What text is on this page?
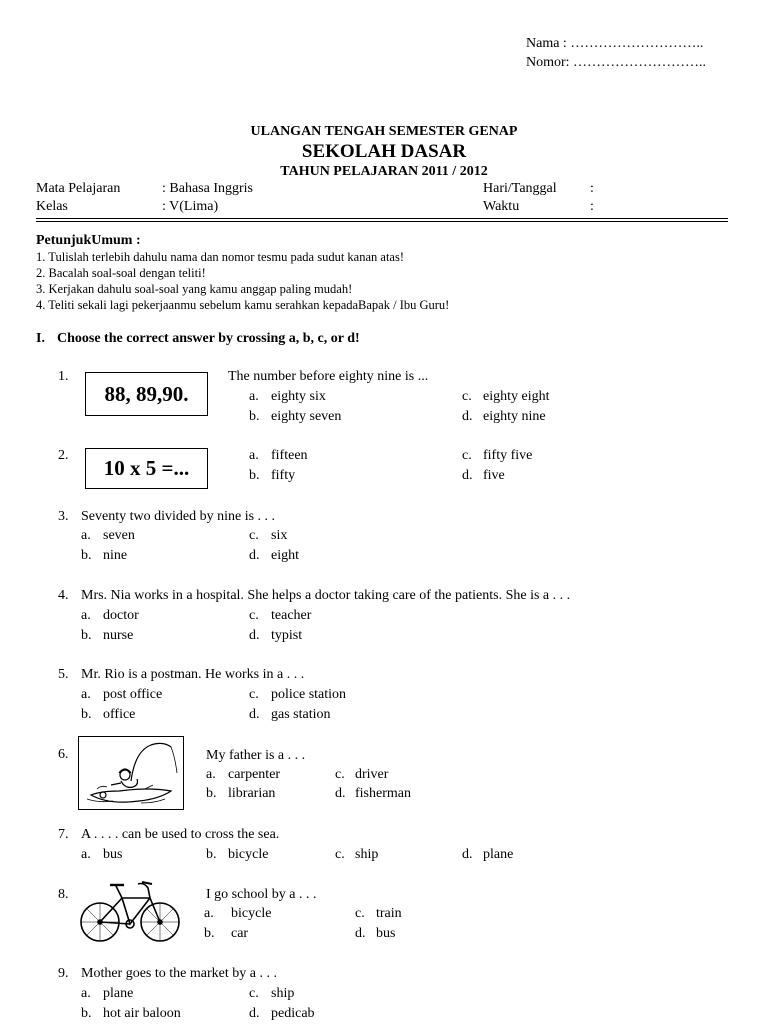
Nama : ………………………..
Nomor: ………………………..
ULANGAN TENGAH SEMESTER GENAP
SEKOLAH DASAR
TAHUN PELAJARAN 2011 / 2012
Mata Pelajaran	: Bahasa Inggris	Hari/Tanggal :
Kelas	: V(Lima)	Waktu	:
PetunjukUmum :
1. Tulislah terlebih dahulu nama dan nomor tesmu pada sudut kanan atas!
2. Bacalah soal-soal dengan teliti!
3. Kerjakan dahulu soal-soal yang kamu anggap paling mudah!
4. Teliti sekali lagi pekerjaanmu sebelum kamu serahkan kepadaBapak / Ibu Guru!
I. Choose the correct answer by crossing a, b, c, or d!
1.
88, 89,90.
The number before eighty nine is ...
a. eighty six
b. eighty seven
c. eighty eight
d. eighty nine
2.
10 x 5 =...
a. fifteen
b. fifty
c. fifty five
d. five
3. Seventy two divided by nine is . . .
a. seven
b. nine
c. six
d. eight
4. Mrs. Nia works in a hospital. She helps a doctor taking care of the patients. She is a . . .
a. doctor
b. nurse
c. teacher
d. typist
5. Mr. Rio is a postman. He works in a . . .
a. post office
b. office
c. police station
d. gas station
6.	My father is a . . .
a. carpenter
b. librarian
c. driver
d. fisherman
7. A . . . . can be used to cross the sea.
a. bus	b. bicycle	c. ship	d. plane
8.	I go school by a . . .
a. bicycle
b. car
c. train
d. bus
9. Mother goes to the market by a . . .
a. plane
b. hot air baloon
c. ship
d. pedicab
